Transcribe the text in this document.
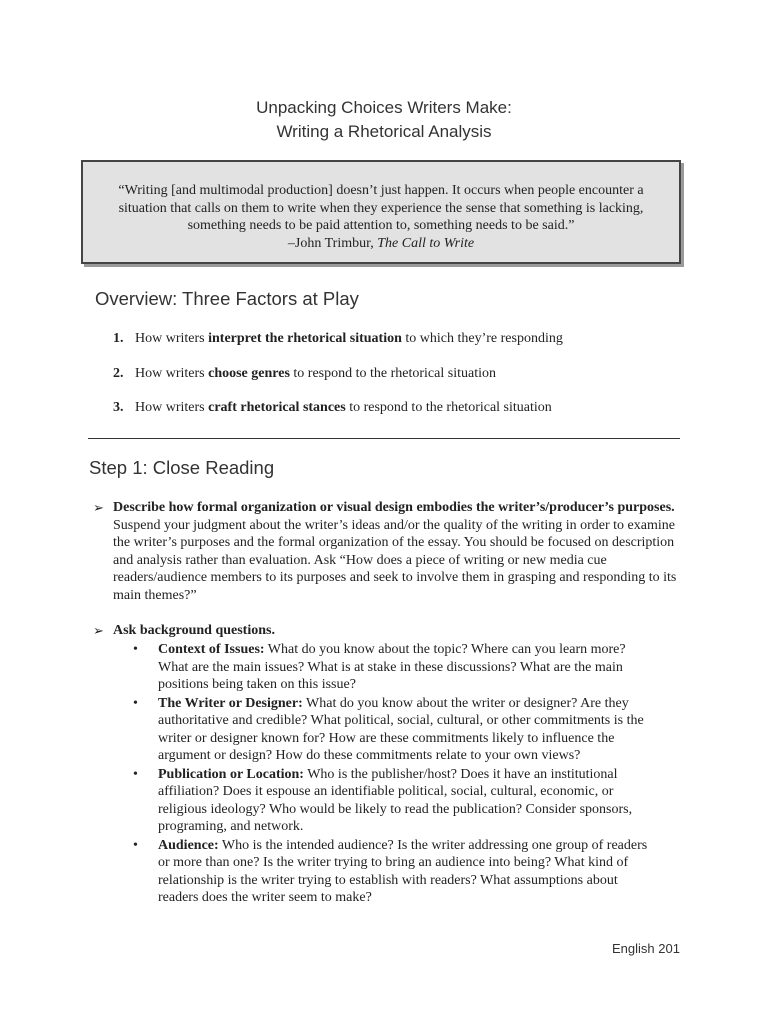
Unpacking Choices Writers Make:
Writing a Rhetorical Analysis
“Writing [and multimodal production] doesn’t just happen. It occurs when people encounter a
situation that calls on them to write when they experience the sense that something is lacking,
something needs to be paid attention to, something needs to be said.”
–John Trimbur, The Call to Write
Overview: Three Factors at Play
1. How writers interpret the rhetorical situation to which they’re responding
2. How writers choose genres to respond to the rhetorical situation
3. How writers craft rhetorical stances to respond to the rhetorical situation
Step 1: Close Reading
➢ Describe how formal organization or visual design embodies the writer’s/producer’s purposes. Suspend your judgment about the writer’s ideas and/or the quality of the writing in order to examine the writer’s purposes and the formal organization of the essay. You should be focused on description and analysis rather than evaluation. Ask “How does a piece of writing or new media cue readers/audience members to its purposes and seek to involve them in grasping and responding to its main themes?”
➢ Ask background questions.
• Context of Issues: What do you know about the topic? Where can you learn more? What are the main issues? What is at stake in these discussions? What are the main positions being taken on this issue?
• The Writer or Designer: What do you know about the writer or designer? Are they authoritative and credible? What political, social, cultural, or other commitments is the writer or designer known for? How are these commitments likely to influence the argument or design? How do these commitments relate to your own views?
• Publication or Location: Who is the publisher/host? Does it have an institutional affiliation? Does it espouse an identifiable political, social, cultural, economic, or religious ideology? Who would be likely to read the publication? Consider sponsors, programing, and network.
• Audience: Who is the intended audience? Is the writer addressing one group of readers or more than one? Is the writer trying to bring an audience into being? What kind of relationship is the writer trying to establish with readers? What assumptions about readers does the writer seem to make?
English 201
